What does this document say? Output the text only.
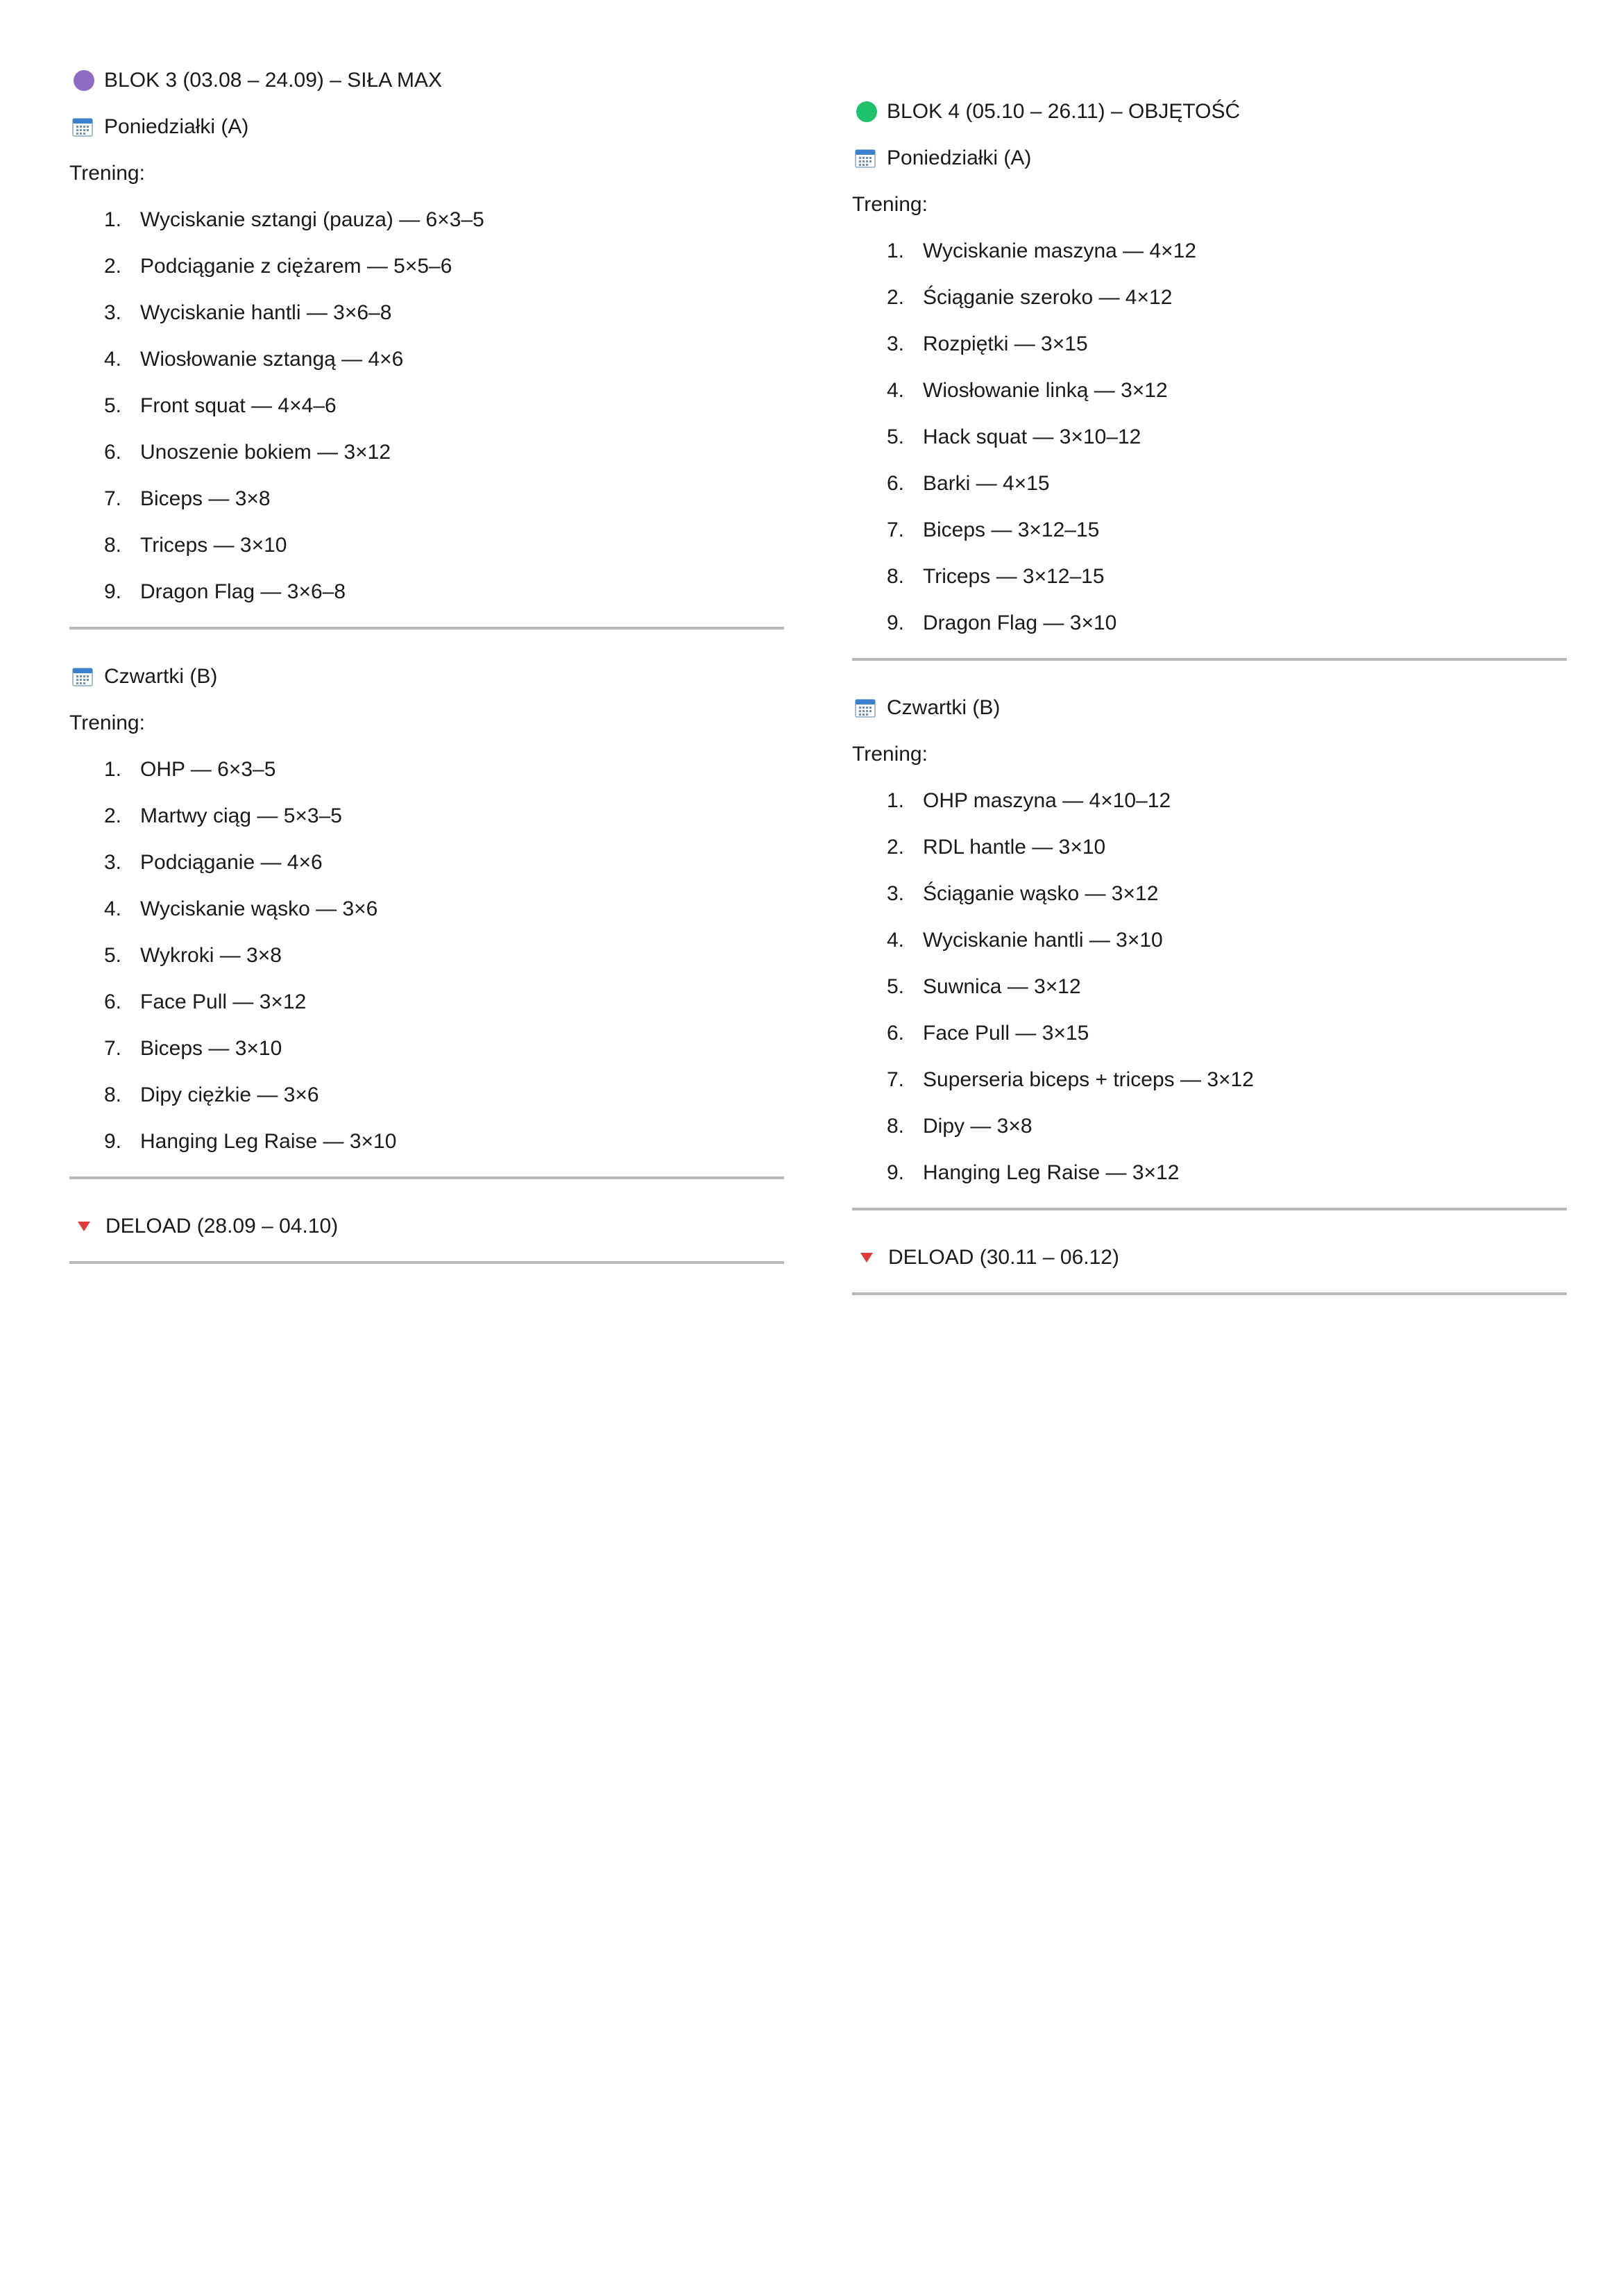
BLOK 3 (03.08 – 24.09) – SIŁA MAX
Poniedziałki (A)
Trening:
1. Wyciskanie sztangi (pauza) — 6×3–5
2. Podciąganie z ciężarem — 5×5–6
3. Wyciskanie hantli — 3×6–8
4. Wiosłowanie sztangą — 4×6
5. Front squat — 4×4–6
6. Unoszenie bokiem — 3×12
7. Biceps — 3×8
8. Triceps — 3×10
9. Dragon Flag — 3×6–8
Czwartki (B)
Trening:
1. OHP — 6×3–5
2. Martwy ciąg — 5×3–5
3. Podciąganie — 4×6
4. Wyciskanie wąsko — 3×6
5. Wykroki — 3×8
6. Face Pull — 3×12
7. Biceps — 3×10
8. Dipy ciężkie — 3×6
9. Hanging Leg Raise — 3×10
DELOAD (28.09 – 04.10)
BLOK 4 (05.10 – 26.11) – OBJĘTOŚĆ
Poniedziałki (A)
Trening:
1. Wyciskanie maszyna — 4×12
2. Ściąganie szeroko — 4×12
3. Rozpiętki — 3×15
4. Wiosłowanie linką — 3×12
5. Hack squat — 3×10–12
6. Barki — 4×15
7. Biceps — 3×12–15
8. Triceps — 3×12–15
9. Dragon Flag — 3×10
Czwartki (B)
Trening:
1. OHP maszyna — 4×10–12
2. RDL hantle — 3×10
3. Ściąganie wąsko — 3×12
4. Wyciskanie hantli — 3×10
5. Suwnica — 3×12
6. Face Pull — 3×15
7. Superseria biceps + triceps — 3×12
8. Dipy — 3×8
9. Hanging Leg Raise — 3×12
DELOAD (30.11 – 06.12)
